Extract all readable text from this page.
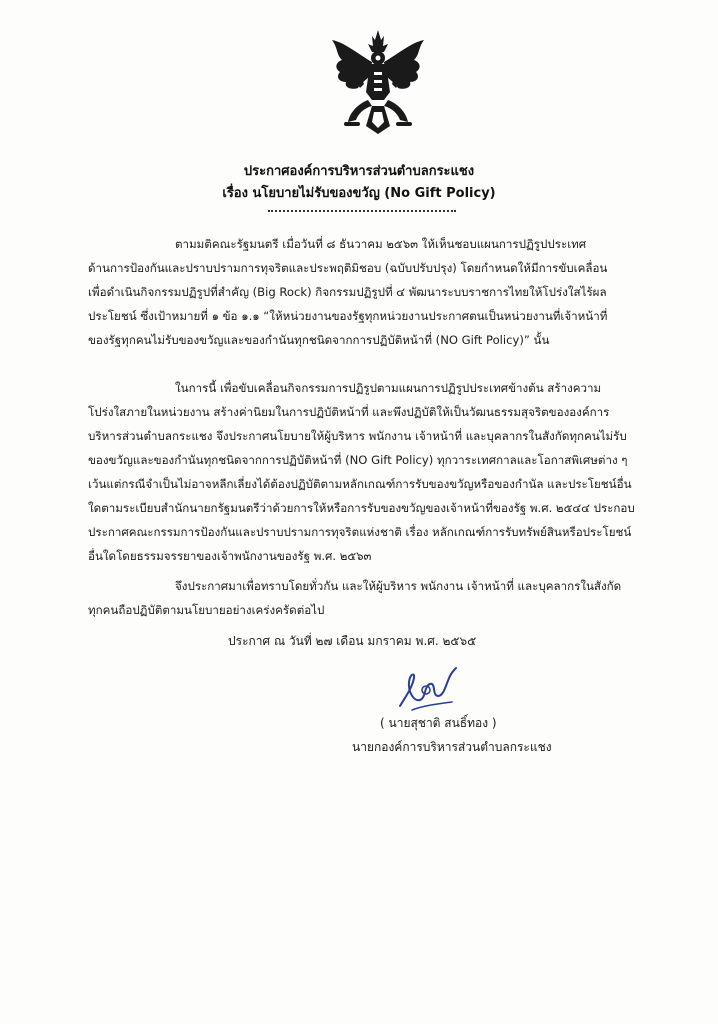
ประกาศองค์การบริหารส่วนตำบลกระแชง
เรื่อง นโยบายไม่รับของขวัญ (No Gift Policy)
ตามมติคณะรัฐมนตรี เมื่อวันที่ ๘ ธันวาคม ๒๕๖๓ ให้เห็นชอบแผนการปฏิรูปประเทศ
ด้านการป้องกันและปราบปรามการทุจริตและประพฤติมิชอบ (ฉบับปรับปรุง) โดยกำหนดให้มีการขับเคลื่อน
เพื่อดำเนินกิจกรรมปฏิรูปที่สำคัญ (Big Rock) กิจกรรมปฏิรูปที่ ๔ พัฒนาระบบราชการไทยให้โปร่งใสไร้ผล
ประโยชน์ ซึ่งเป้าหมายที่ ๑ ข้อ ๑.๑ “ให้หน่วยงานของรัฐทุกหน่วยงานประกาศตนเป็นหน่วยงานที่เจ้าหน้าที่
ของรัฐทุกคนไม่รับของขวัญและของกำนันทุกชนิดจากการปฏิบัติหน้าที่ (NO Gift Policy)” นั้น
ในการนี้ เพื่อขับเคลื่อนกิจกรรมการปฏิรูปตามแผนการปฏิรูปประเทศข้างต้น สร้างความ
โปร่งใสภายในหน่วยงาน สร้างค่านิยมในการปฏิบัติหน้าที่ และพึงปฏิบัติให้เป็นวัฒนธรรมสุจริตขององค์การ
บริหารส่วนตำบลกระแชง จึงประกาศนโยบายให้ผู้บริหาร พนักงาน เจ้าหน้าที่ และบุคลากรในสังกัดทุกคนไม่รับ
ของขวัญและของกำนันทุกชนิดจากการปฏิบัติหน้าที่ (NO Gift Policy) ทุกวาระเทศกาลและโอกาสพิเศษต่าง ๆ
เว้นแต่กรณีจำเป็นไม่อาจหลีกเลี่ยงได้ต้องปฏิบัติตามหลักเกณฑ์การรับของขวัญหรือของกำนัล และประโยชน์อื่น
ใดตามระเบียบสำนักนายกรัฐมนตรีว่าด้วยการให้หรือการรับของขวัญของเจ้าหน้าที่ของรัฐ พ.ศ. ๒๕๔๔ ประกอบ
ประกาศคณะกรรมการป้องกันและปราบปรามการทุจริตแห่งชาติ เรื่อง หลักเกณฑ์การรับทรัพย์สินหรือประโยชน์
อื่นใดโดยธรรมจรรยาของเจ้าพนักงานของรัฐ พ.ศ. ๒๕๖๓
จึงประกาศมาเพื่อทราบโดยทั่วกัน และให้ผู้บริหาร พนักงาน เจ้าหน้าที่ และบุคลากรในสังกัด
ทุกคนถือปฏิบัติตามนโยบายอย่างเคร่งครัดต่อไป
ประกาศ ณ วันที่ ๒๗ เดือน มกราคม พ.ศ. ๒๕๖๕
( นายสุชาติ สนธิ์ทอง )
นายกองค์การบริหารส่วนตำบลกระแชง
